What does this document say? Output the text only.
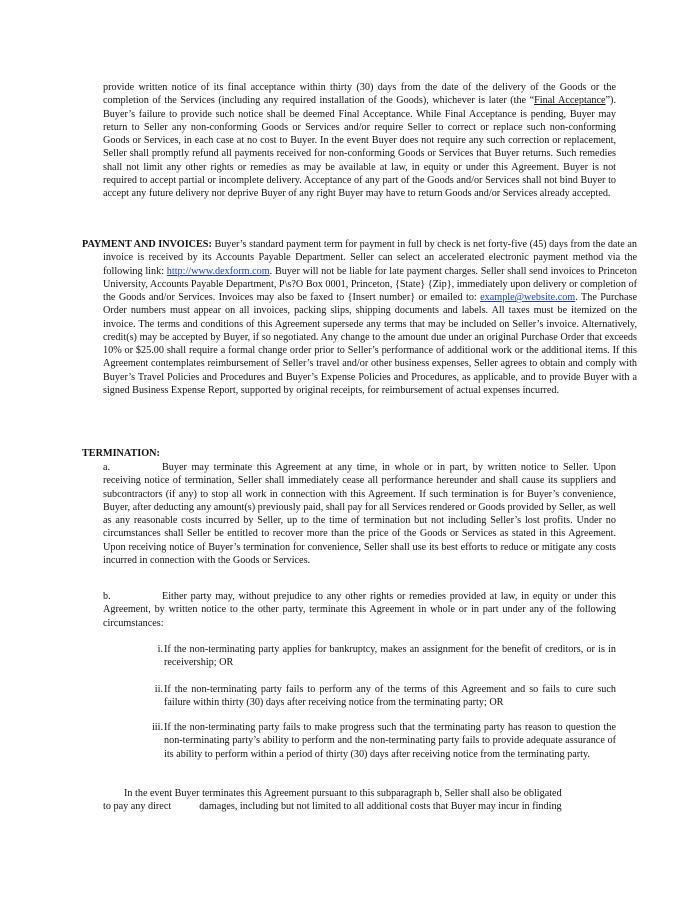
provide written notice of its final acceptance within thirty (30) days from the date of the delivery of the Goods or the completion of the Services (including any required installation of the Goods), whichever is later (the “Final Acceptance”). Buyer’s failure to provide such notice shall be deemed Final Acceptance. While Final Acceptance is pending, Buyer may return to Seller any non-conforming Goods or Services and/or require Seller to correct or replace such non-conforming Goods or Services, in each case at no cost to Buyer. In the event Buyer does not require any such correction or replacement, Seller shall promptly refund all payments received for non-conforming Goods or Services that Buyer returns. Such remedies shall not limit any other rights or remedies as may be available at law, in equity or under this Agreement. Buyer is not required to accept partial or incomplete delivery. Acceptance of any part of the Goods and/or Services shall not bind Buyer to accept any future delivery nor deprive Buyer of any right Buyer may have to return Goods and/or Services already accepted.

PAYMENT AND INVOICES: Buyer’s standard payment term for payment in full by check is net forty-five (45) days from the date an invoice is received by its Accounts Payable Department. Seller can select an accelerated electronic payment method via the following link: http://www.dexform.com. Buyer will not be liable for late payment charges. Seller shall send invoices to Princeton University, Accounts Payable Department, P\s?O Box 0001, Princeton, {State} {Zip}, immediately upon delivery or completion of the Goods and/or Services. Invoices may also be faxed to {Insert number} or emailed to: example@website.com. The Purchase Order numbers must appear on all invoices, packing slips, shipping documents and labels. All taxes must be itemized on the invoice. The terms and conditions of this Agreement supersede any terms that may be included on Seller’s invoice. Alternatively, credit(s) may be accepted by Buyer, if so negotiated. Any change to the amount due under an original Purchase Order that exceeds 10% or $25.00 shall require a formal change order prior to Seller’s performance of additional work or the additional items. If this Agreement contemplates reimbursement of Seller’s travel and/or other business expenses, Seller agrees to obtain and comply with Buyer’s Travel Policies and Procedures and Buyer’s Expense Policies and Procedures, as applicable, and to provide Buyer with a signed Business Expense Report, supported by original receipts, for reimbursement of actual expenses incurred.

TERMINATION:

a.	Buyer may terminate this Agreement at any time, in whole or in part, by written notice to Seller. Upon receiving notice of termination, Seller shall immediately cease all performance hereunder and shall cause its suppliers and subcontractors (if any) to stop all work in connection with this Agreement. If such termination is for Buyer’s convenience, Buyer, after deducting any amount(s) previously paid, shall pay for all Services rendered or Goods provided by Seller, as well as any reasonable costs incurred by Seller, up to the time of termination but not including Seller’s lost profits. Under no circumstances shall Seller be entitled to recover more than the price of the Goods or Services as stated in this Agreement. Upon receiving notice of Buyer’s termination for convenience, Seller shall use its best efforts to reduce or mitigate any costs incurred in connection with the Goods or Services.

b.	Either party may, without prejudice to any other rights or remedies provided at law, in equity or under this Agreement, by written notice to the other party, terminate this Agreement in whole or in part under any of the following circumstances:

i. If the non-terminating party applies for bankruptcy, makes an assignment for the benefit of creditors, or is in receivership; OR
ii. If the non-terminating party fails to perform any of the terms of this Agreement and so fails to cure such failure within thirty (30) days after receiving notice from the terminating party; OR
iii. If the non-terminating party fails to make progress such that the terminating party has reason to question the non-terminating party’s ability to perform and the non-terminating party fails to provide adequate assurance of its ability to perform within a period of thirty (30) days after receiving notice from the terminating party.

In the event Buyer terminates this Agreement pursuant to this subparagraph b, Seller shall also be obligated

to pay any direct	damages, including but not limited to all additional costs that Buyer may incur in finding
